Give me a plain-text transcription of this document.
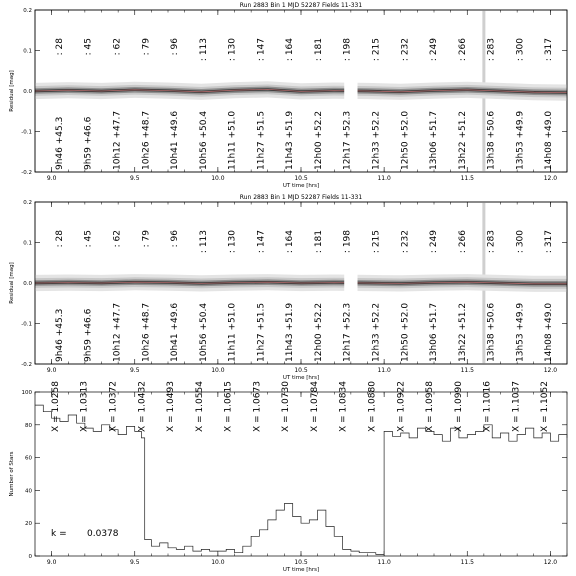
Run 2883 Bin 1 MJD 52287 Fields 11-331
9.0	9.5	10.0	10.5	11.0	11.5	12.0
-0.2
-0.1
0.0
0.1
0.2
UT time [hrs]
Residual [mag]
: 28 : 45 : 62 : 79 : 96 : 113 : 130 : 147 : 164 : 181 : 198 : 215 : 232 : 249 : 266 : 283 : 300 : 317
9h46 +45.3 9h59 +46.6 10h12 +47.7 10h26 +48.7 10h41 +49.6 10h56 +50.4 11h11 +51.0 11h27 +51.5 11h43 +51.9 12h00 +52.2 12h17 +52.3 12h33 +52.2 12h50 +52.0 13h06 +51.7 13h22 +51.2 13h38 +50.6 13h53 +49.9 14h08 +49.0
Run 2883 Bin 1 MJD 52287 Fields 11-331
9.0	9.5	10.0	10.5	11.0	11.5	12.0
-0.2
-0.1
0.0
0.1
0.2
UT time [hrs]
Residual [mag]
: 28 : 45 : 62 : 79 : 96 : 113 : 130 : 147 : 164 : 181 : 198 : 215 : 232 : 249 : 266 : 283 : 300 : 317
9h46 +45.3 9h59 +46.6 10h12 +47.7 10h26 +48.7 10h41 +49.6 10h56 +50.4 11h11 +51.0 11h27 +51.5 11h43 +51.9 12h00 +52.2 12h17 +52.3 12h33 +52.2 12h50 +52.0 13h06 +51.7 13h22 +51.2 13h38 +50.6 13h53 +49.9 14h08 +49.0
9.0	9.5	10.0	10.5	11.0	11.5	12.0
0
20
40
60
80
100
UT time [hrs]
Number of Stars
X = 1.0258 X = 1.0313 X = 1.0372 X = 1.0432 X = 1.0493 X = 1.0554 X = 1.0615 X = 1.0673 X = 1.0730 X = 1.0784 X = 1.0834 X = 1.0880 X = 1.0922 X = 1.0958 X = 1.0990 X = 1.1016 X = 1.1037 X = 1.1052
k = 0.0378
